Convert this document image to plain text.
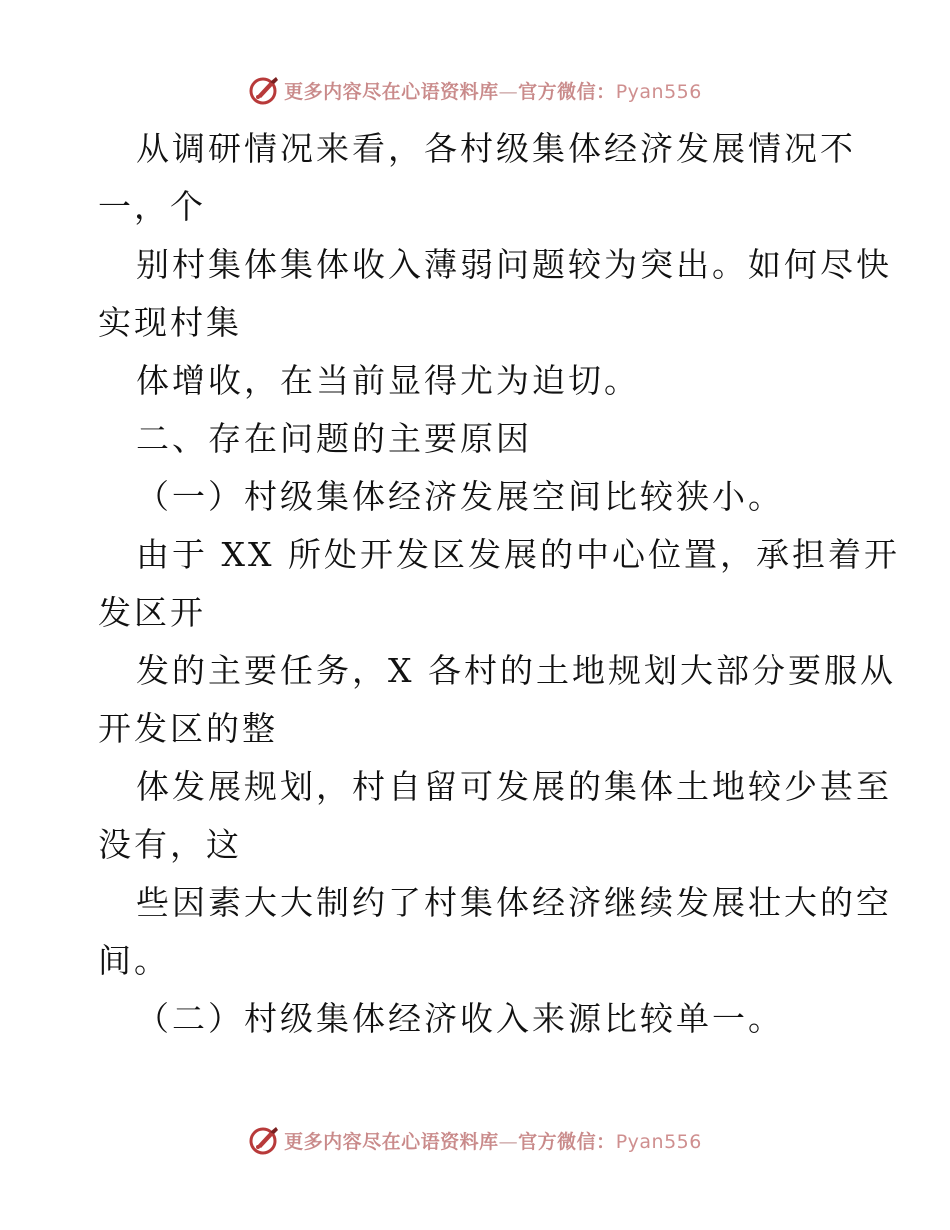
更多内容尽在心语资料库—官方微信：Pyan556
从调研情况来看，各村级集体经济发展情况不
一，个
别村集体集体收入薄弱问题较为突出。如何尽快
实现村集
体增收，在当前显得尤为迫切。
二、存在问题的主要原因
（一）村级集体经济发展空间比较狭小。
由于 XX 所处开发区发展的中心位置，承担着开
发区开
发的主要任务，X 各村的土地规划大部分要服从
开发区的整
体发展规划，村自留可发展的集体土地较少甚至
没有，这
些因素大大制约了村集体经济继续发展壮大的空
间。
（二）村级集体经济收入来源比较单一。
更多内容尽在心语资料库—官方微信：Pyan556
